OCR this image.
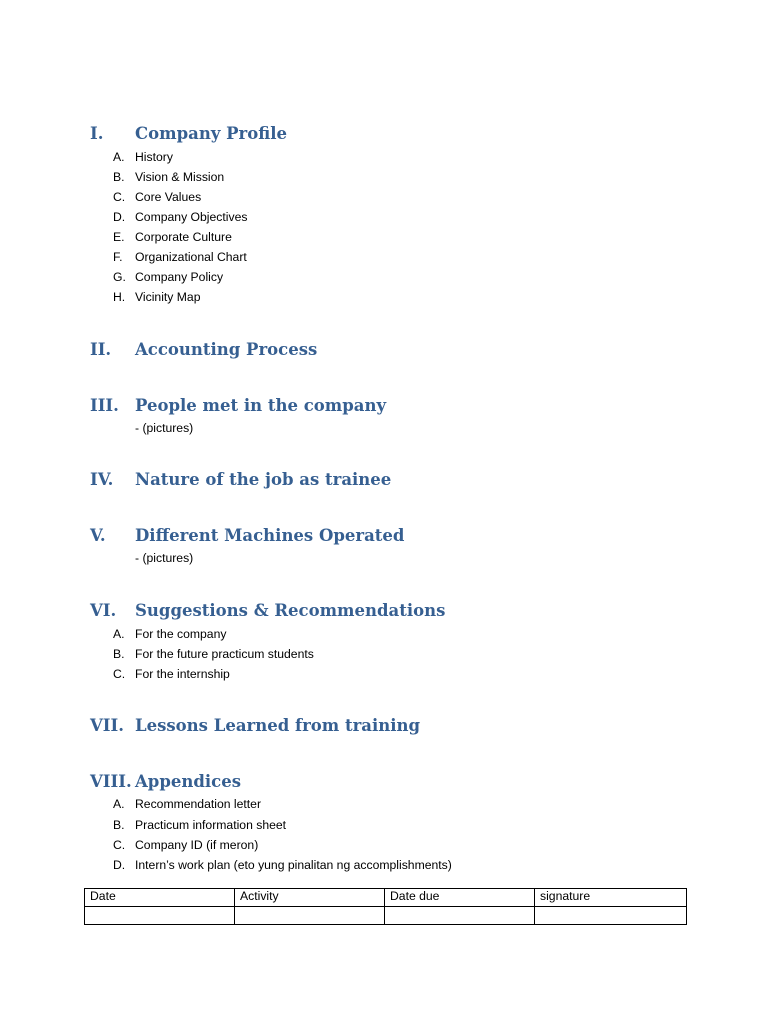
I. Company Profile
A. History
B. Vision & Mission
C. Core Values
D. Company Objectives
E. Corporate Culture
F. Organizational Chart
G. Company Policy
H. Vicinity Map
II. Accounting Process
III. People met in the company
- (pictures)
IV. Nature of the job as trainee
V. Different Machines Operated
- (pictures)
VI. Suggestions & Recommendations
A. For the company
B. For the future practicum students
C. For the internship
VII. Lessons Learned from training
VIII. Appendices
A. Recommendation letter
B. Practicum information sheet
C. Company ID (if meron)
D. Intern’s work plan (eto yung pinalitan ng accomplishments)
Date	Activity	Date due	signature
